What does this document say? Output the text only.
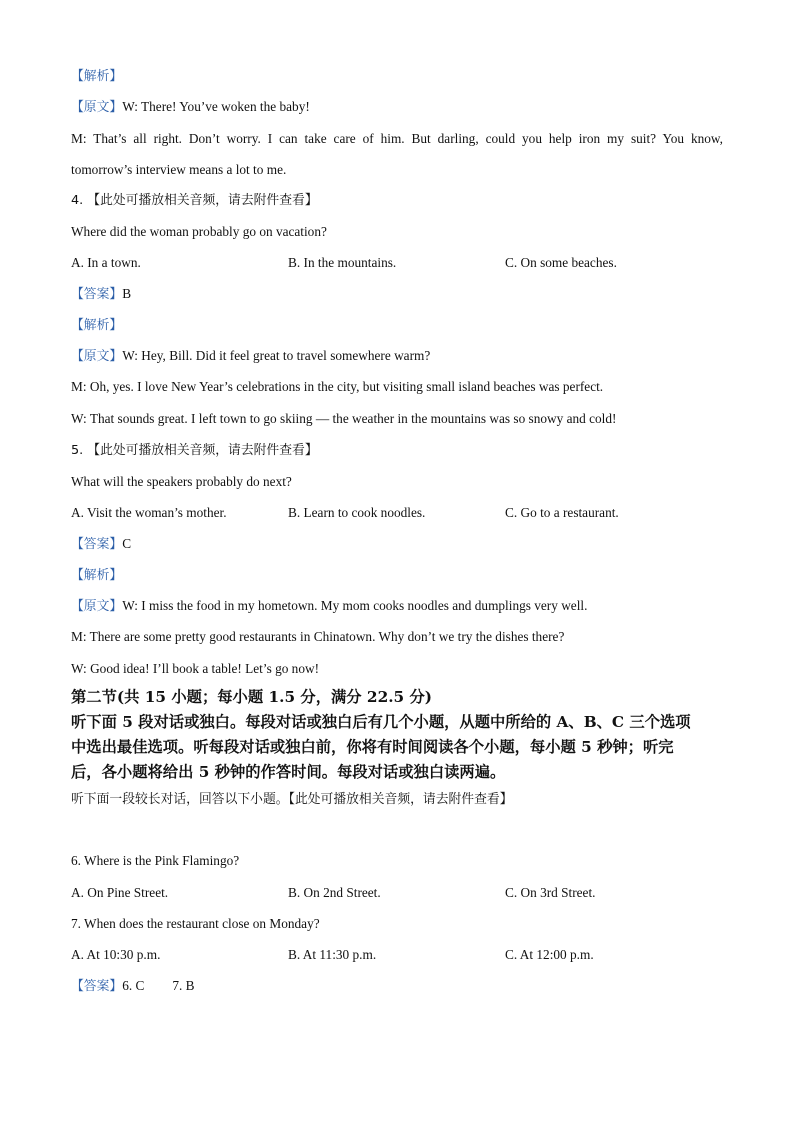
【解析】
【原文】W: There! You’ve woken the baby!
M: That’s all right. Don’t worry. I can take care of him. But darling, could you help iron my suit? You know,
tomorrow’s interview means a lot to me.
4. 【此处可播放相关音频，请去附件查看】
Where did the woman probably go on vacation?
A. In a town.	B. In the mountains.	C. On some beaches.
【答案】B
【解析】
【原文】W: Hey, Bill. Did it feel great to travel somewhere warm?
M: Oh, yes. I love New Year’s celebrations in the city, but visiting small island beaches was perfect.
W: That sounds great. I left town to go skiing — the weather in the mountains was so snowy and cold!
5. 【此处可播放相关音频，请去附件查看】
What will the speakers probably do next?
A. Visit the woman’s mother.	B. Learn to cook noodles.	C. Go to a restaurant.
【答案】C
【解析】
【原文】W: I miss the food in my hometown. My mom cooks noodles and dumplings very well.
M: There are some pretty good restaurants in Chinatown. Why don’t we try the dishes there?
W: Good idea! I’ll book a table! Let’s go now!
第二节(共 15 小题；每小题 1.5 分，满分 22.5 分)
听下面 5 段对话或独白。每段对话或独白后有几个小题，从题中所给的 A、B、C 三个选项
中选出最佳选项。听每段对话或独白前，你将有时间阅读各个小题，每小题 5 秒钟；听完
后，各小题将给出 5 秒钟的作答时间。每段对话或独白读两遍。
听下面一段较长对话，回答以下小题。【此处可播放相关音频，请去附件查看】
6. Where is the Pink Flamingo?
A. On Pine Street.	B. On 2nd Street.	C. On 3rd Street.
7. When does the restaurant close on Monday?
A. At 10:30 p.m.	B. At 11:30 p.m.	C. At 12:00 p.m.
【答案】6. C 7. B
